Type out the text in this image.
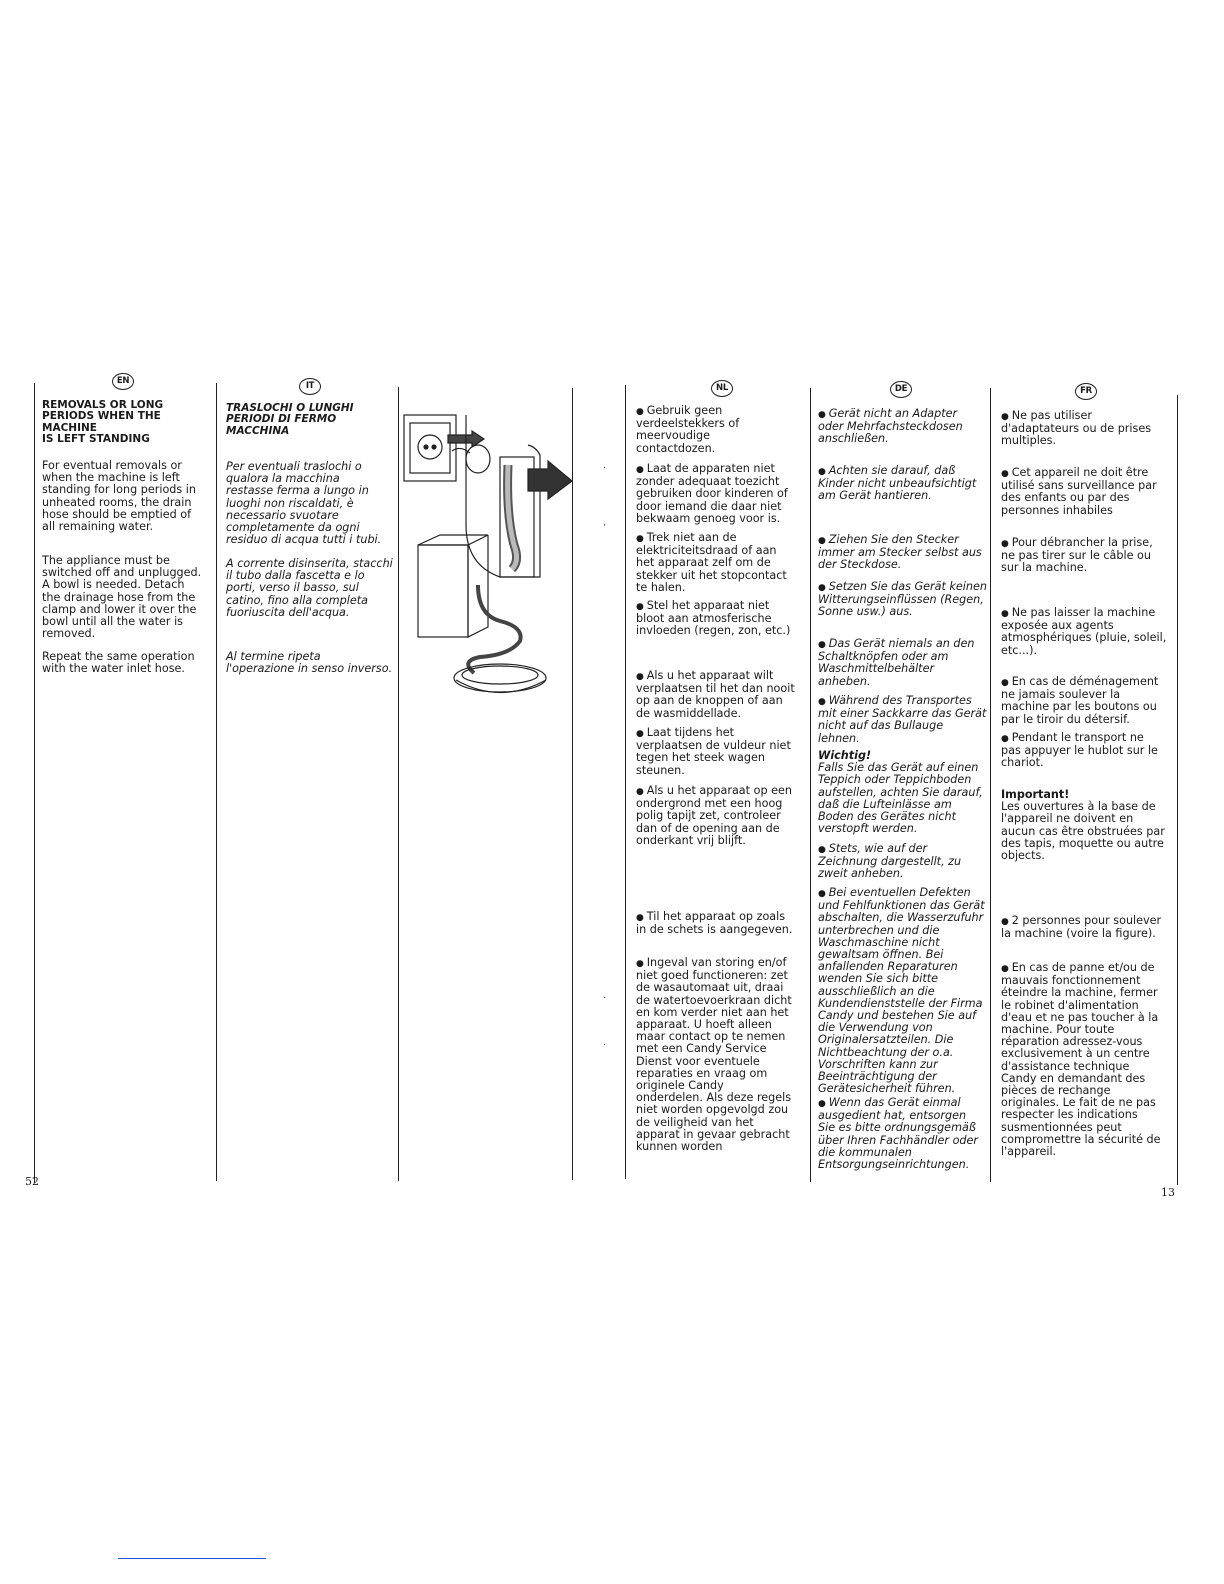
·
,
·
·
EN

REMOVALS OR LONG

PERIODS WHEN THE MACHINE

IS LEFT STANDING

For eventual removals or

when the machine is left

standing for long periods in

unheated rooms, the drain

hose should be emptied of

all remaining water.

The appliance must be

switched off and unplugged.

A bowl is needed. Detach

the drainage hose from the

clamp and lower it over the

bowl until all the water is

removed.

Repeat the same operation

with the water inlet hose.

IT

TRASLOCHI O LUNGHI

PERIODI DI FERMO

MACCHINA

Per eventuali traslochi o

qualora la macchina

restasse ferma a lungo in

luoghi non riscaldati, è

necessario svuotare

completamente da ogni

residuo di acqua tutti i tubi.

A corrente disinserita, stacchi

il tubo dalla fascetta e lo

porti, verso il basso, sul

catino, fino alla completa

fuoriuscita dell'acqua.

Al termine ripeta

l'operazione in senso inverso.

NL

● Gebruik geen

verdeelstekkers of

meervoudige

contactdozen.

● Laat de apparaten niet

zonder adequaat toezicht

gebruiken door kinderen of

door iemand die daar niet

bekwaam genoeg voor is.

● Trek niet aan de

elektriciteitsdraad of aan

het apparaat zelf om de

stekker uit het stopcontact

te halen.

● Stel het apparaat niet

bloot aan atmosferische

invloeden (regen, zon, etc.)

● Als u het apparaat wilt

verplaatsen til het dan nooit

op aan de knoppen of aan

de wasmiddellade.

● Laat tijdens het

verplaatsen de vuldeur niet

tegen het steek wagen

steunen.

● Als u het apparaat op een

ondergrond met een hoog

polig tapijt zet, controleer

dan of de opening aan de

onderkant vrij blijft.

● Til het apparaat op zoals

in de schets is aangegeven.

● Ingeval van storing en/of

niet goed functioneren: zet

de wasautomaat uit, draai

de watertoevoerkraan dicht

en kom verder niet aan het

apparaat. U hoeft alleen

maar contact op te nemen

met een Candy Service

Dienst voor eventuele

reparaties en vraag om

originele Candy

onderdelen. Als deze regels

niet worden opgevolgd zou

de veiligheid van het

apparat in gevaar gebracht

kunnen worden

DE

● Gerät nicht an Adapter

oder Mehrfachsteckdosen

anschließen.

● Achten sie darauf, daß

Kinder nicht unbeaufsichtigt

am Gerät hantieren.

● Ziehen Sie den Stecker

immer am Stecker selbst aus

der Steckdose.

● Setzen Sie das Gerät keinen

Witterungseinflüssen (Regen,

Sonne usw.) aus.

● Das Gerät niemals an den

Schaltknöpfen oder am

Waschmittelbehälter

anheben.

● Während des Transportes

mit einer Sackkarre das Gerät

nicht auf das Bullauge

lehnen.

Wichtig!

Falls Sie das Gerät auf einen

Teppich oder Teppichboden

aufstellen, achten Sie darauf,

daß die Lufteinlässe am

Boden des Gerätes nicht

verstopft werden.

● Stets, wie auf der

Zeichnung dargestellt, zu

zweit anheben.

● Bei eventuellen Defekten

und Fehlfunktionen das Gerät

abschalten, die Wasserzufuhr

unterbrechen und die

Waschmaschine nicht

gewaltsam öffnen. Bei

anfallenden Reparaturen

wenden Sie sich bitte

ausschließlich an die

Kundendienststelle der Firma

Candy und bestehen Sie auf

die Verwendung von

Originalersatzteilen. Die

Nichtbeachtung der o.a.

Vorschriften kann zur

Beeinträchtigung der

Gerätesicherheit führen.

● Wenn das Gerät einmal

ausgedient hat, entsorgen

Sie es bitte ordnungsgemäß

über Ihren Fachhändler oder

die kommunalen

Entsorgungseinrichtungen.

FR

● Ne pas utiliser

d'adaptateurs ou de prises

multiples.

● Cet appareil ne doit être

utilisé sans surveillance par

des enfants ou par des

personnes inhabiles

● Pour débrancher la prise,

ne pas tirer sur le câble ou

sur la machine.

● Ne pas laisser la machine

exposée aux agents

atmosphériques (pluie, soleil,

etc...).

● En cas de déménagement

ne jamais soulever la

machine par les boutons ou

par le tiroir du détersif.

● Pendant le transport ne

pas appuyer le hublot sur le

chariot.

Important!

Les ouvertures à la base de

l'appareil ne doivent en

aucun cas être obstruées par

des tapis, moquette ou autre

objects.

● 2 personnes pour soulever

la machine (voire la figure).

● En cas de panne et/ou de

mauvais fonctionnement

éteindre la machine, fermer

le robinet d'alimentation

d'eau et ne pas toucher à la

machine. Pour toute

réparation adressez-vous

exclusivement à un centre

d'assistance technique

Candy en demandant des

pièces de rechange

originales. Le fait de ne pas

respecter les indications

susmentionnées peut

compromettre la sécurité de

l'appareil.

52
13
